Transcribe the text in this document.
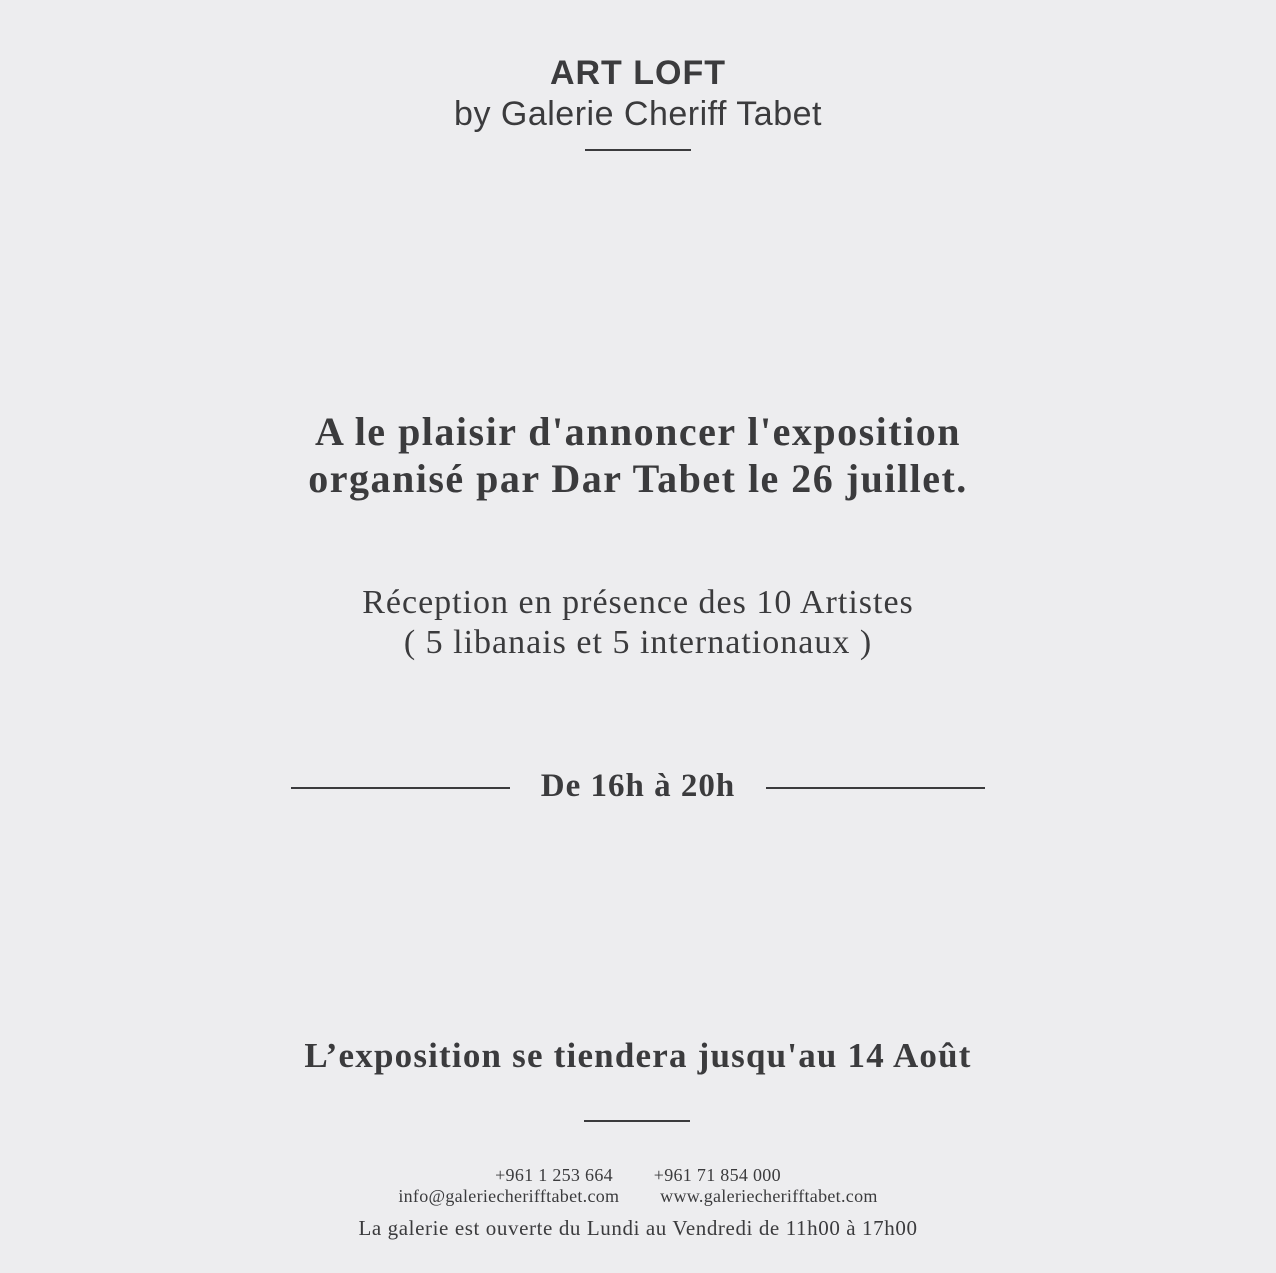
ART LOFT
by Galerie Cheriff Tabet
A le plaisir d'annoncer l'exposition
organisé par Dar Tabet le 26 juillet.
Réception en présence des 10 Artistes
( 5 libanais et 5 internationaux )
De 16h à 20h
L’exposition se tiendera jusqu'au 14 Août
+961 1 253 664 +961 71 854 000
info@galeriecherifftabet.com www.galeriecherifftabet.com
La galerie est ouverte du Lundi au Vendredi de 11h00 à 17h00
